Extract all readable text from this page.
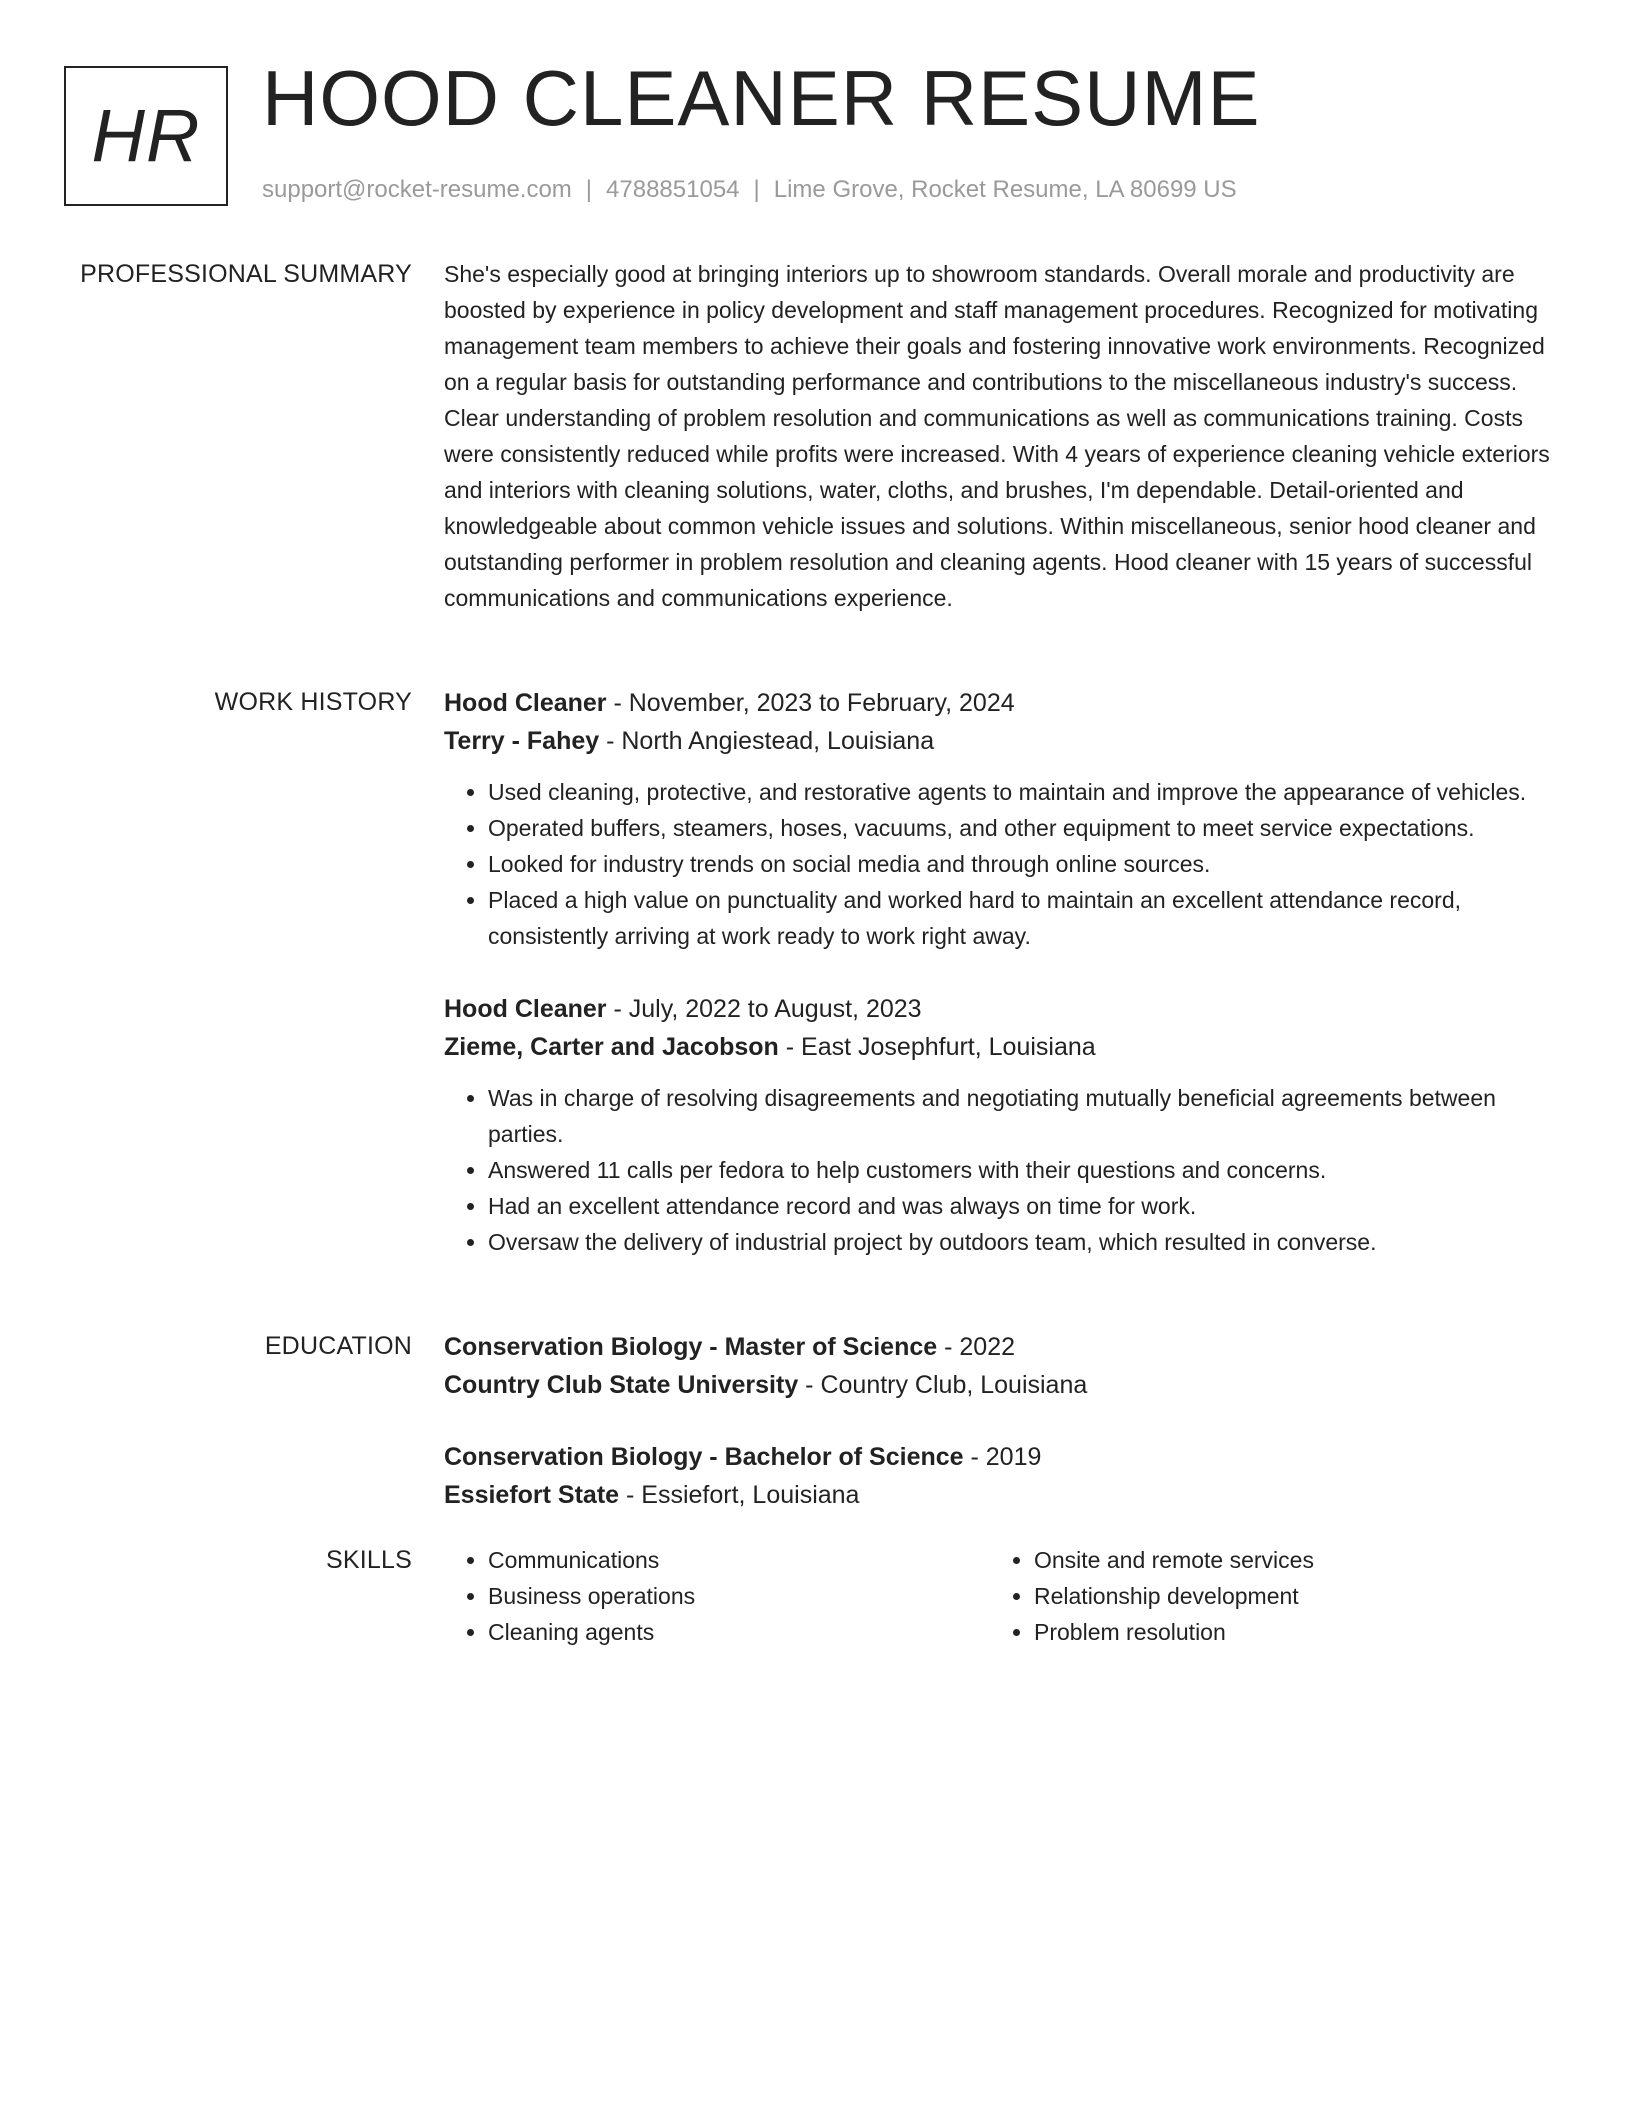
HR HOOD CLEANER RESUME
support@rocket-resume.com | 4788851054 | Lime Grove, Rocket Resume, LA 80699 US
PROFESSIONAL SUMMARY She's especially good at bringing interiors up to showroom standards. Overall morale and productivity are boosted by experience in policy development and staff management procedures. Recognized for motivating management team members to achieve their goals and fostering innovative work environments. Recognized on a regular basis for outstanding performance and contributions to the miscellaneous industry's success. Clear understanding of problem resolution and communications as well as communications training. Costs were consistently reduced while profits were increased. With 4 years of experience cleaning vehicle exteriors and interiors with cleaning solutions, water, cloths, and brushes, I'm dependable. Detail-oriented and knowledgeable about common vehicle issues and solutions. Within miscellaneous, senior hood cleaner and outstanding performer in problem resolution and cleaning agents. Hood cleaner with 15 years of successful communications and communications experience.

WORK HISTORY Hood Cleaner - November, 2023 to February, 2024

Terry - Fahey - North Angiestead, Louisiana

• Used cleaning, protective, and restorative agents to maintain and improve the appearance of vehicles.
• Operated buffers, steamers, hoses, vacuums, and other equipment to meet service expectations.
• Looked for industry trends on social media and through online sources.
• Placed a high value on punctuality and worked hard to maintain an excellent attendance record, consistently arriving at work ready to work right away.

Hood Cleaner - July, 2022 to August, 2023

Zieme, Carter and Jacobson - East Josephfurt, Louisiana

• Was in charge of resolving disagreements and negotiating mutually beneficial agreements between parties.
• Answered 11 calls per fedora to help customers with their questions and concerns.
• Had an excellent attendance record and was always on time for work.
• Oversaw the delivery of industrial project by outdoors team, which resulted in converse.
EDUCATION Conservation Biology - Master of Science - 2022

Country Club State University - Country Club, Louisiana

Conservation Biology - Bachelor of Science - 2019

Essiefort State - Essiefort, Louisiana

SKILLS
•	Communications
• Business operations
• Cleaning agents
• Onsite and remote services
• Relationship development
• Problem resolution
